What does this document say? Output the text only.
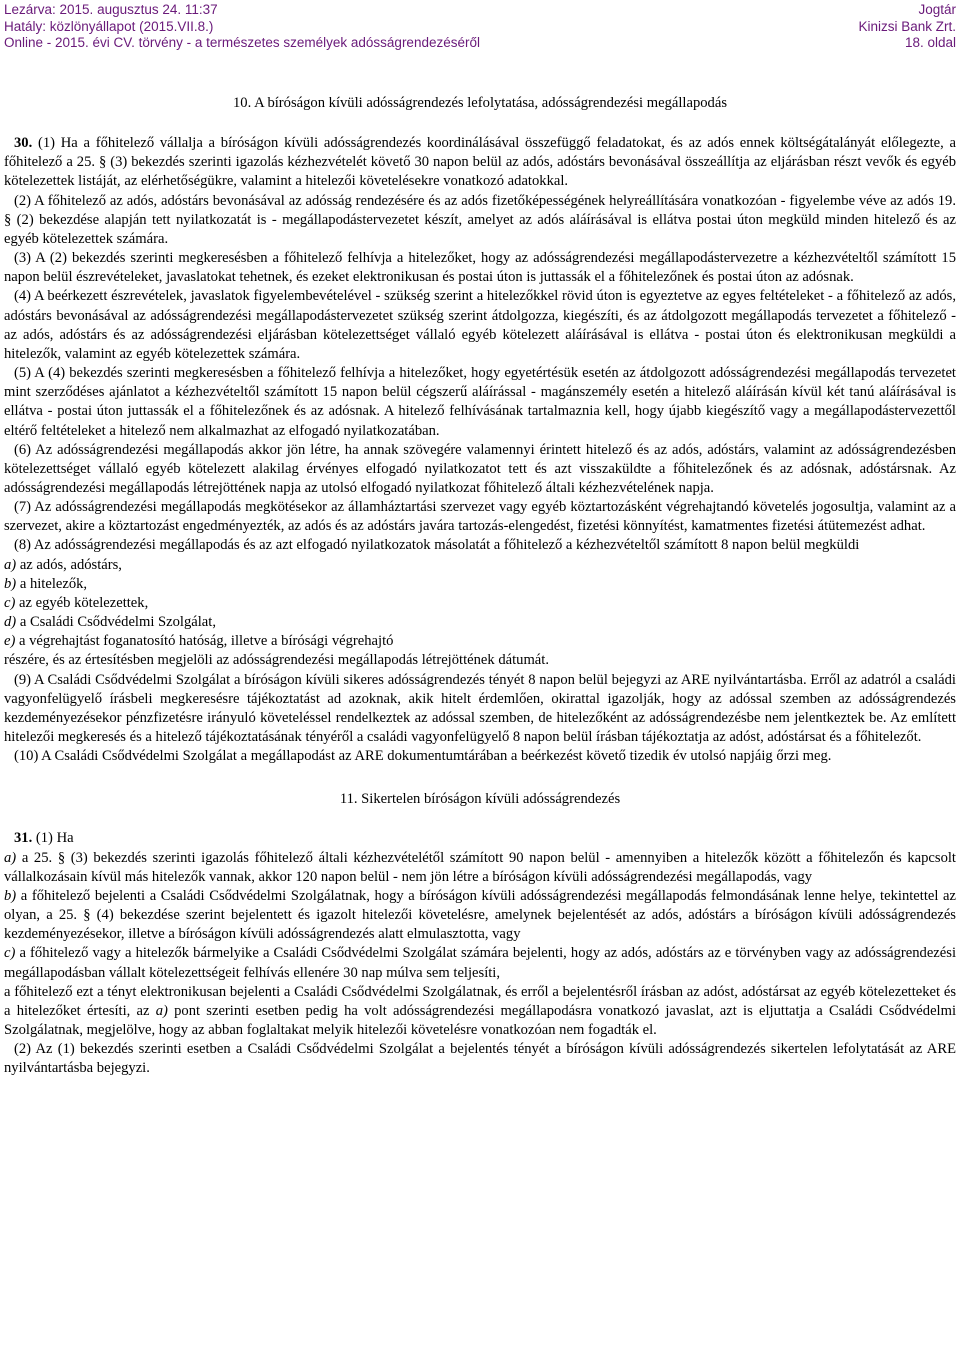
Lezárva: 2015. augusztus 24. 11:37
Hatály: közlönyállapot (2015.VII.8.)
Online - 2015. évi CV. törvény - a természetes személyek adósságrendezéséről
Jogtár
Kinizsi Bank Zrt.
18. oldal

10. A bíróságon kívüli adósságrendezés lefolytatása, adósságrendezési megállapodás

30. (1) Ha a főhitelező vállalja a bíróságon kívüli adósságrendezés koordinálásával összefüggő feladatokat, és az adós ennek költségátalányát előlegezte, a főhitelező a 25. § (3) bekezdés szerinti igazolás kézhezvételét követő 30 napon belül az adós, adóstárs bevonásával összeállítja az eljárásban részt vevők és egyéb kötelezettek listáját, az elérhetőségükre, valamint a hitelezői követelésekre vonatkozó adatokkal.

(2) A főhitelező az adós, adóstárs bevonásával az adósság rendezésére és az adós fizetőképességének helyreállítására vonatkozóan - figyelembe véve az adós 19. § (2) bekezdése alapján tett nyilatkozatát is - megállapodástervezetet készít, amelyet az adós aláírásával is ellátva postai úton megküld minden hitelező és az egyéb kötelezettek számára.

(3) A (2) bekezdés szerinti megkeresésben a főhitelező felhívja a hitelezőket, hogy az adósságrendezési megállapodástervezetre a kézhezvételtől számított 15 napon belül észrevételeket, javaslatokat tehetnek, és ezeket elektronikusan és postai úton is juttassák el a főhitelezőnek és postai úton az adósnak.

(4) A beérkezett észrevételek, javaslatok figyelembevételével - szükség szerint a hitelezőkkel rövid úton is egyeztetve az egyes feltételeket - a főhitelező az adós, adóstárs bevonásával az adósságrendezési megállapodástervezetet szükség szerint átdolgozza, kiegészíti, és az átdolgozott megállapodás tervezetet a főhitelező - az adós, adóstárs és az adósságrendezési eljárásban kötelezettséget vállaló egyéb kötelezett aláírásával is ellátva - postai úton és elektronikusan megküldi a hitelezők, valamint az egyéb kötelezettek számára.

(5) A (4) bekezdés szerinti megkeresésben a főhitelező felhívja a hitelezőket, hogy egyetértésük esetén az átdolgozott adósságrendezési megállapodás tervezetet mint szerződéses ajánlatot a kézhezvételtől számított 15 napon belül cégszerű aláírással - magánszemély esetén a hitelező aláírásán kívül két tanú aláírásával is ellátva - postai úton juttassák el a főhitelezőnek és az adósnak. A hitelező felhívásának tartalmaznia kell, hogy újabb kiegészítő vagy a megállapodástervezettől eltérő feltételeket a hitelező nem alkalmazhat az elfogadó nyilatkozatában.

(6) Az adósságrendezési megállapodás akkor jön létre, ha annak szövegére valamennyi érintett hitelező és az adós, adóstárs, valamint az adósságrendezésben kötelezettséget vállaló egyéb kötelezett alakilag érvényes elfogadó nyilatkozatot tett és azt visszaküldte a főhitelezőnek és az adósnak, adóstársnak. Az adósságrendezési megállapodás létrejöttének napja az utolsó elfogadó nyilatkozat főhitelező általi kézhezvételének napja.

(7) Az adósságrendezési megállapodás megkötésekor az államháztartási szervezet vagy egyéb köztartozásként végrehajtandó követelés jogosultja, valamint az a szervezet, akire a köztartozást engedményezték, az adós és az adóstárs javára tartozás-elengedést, fizetési könnyítést, kamatmentes fizetési átütemezést adhat.

(8) Az adósságrendezési megállapodás és az azt elfogadó nyilatkozatok másolatát a főhitelező a kézhezvételtől számított 8 napon belül megküldi

a) az adós, adóstárs,

b) a hitelezők,

c) az egyéb kötelezettek,

d) a Családi Csődvédelmi Szolgálat,

e) a végrehajtást foganatosító hatóság, illetve a bírósági végrehajtó

részére, és az értesítésben megjelöli az adósságrendezési megállapodás létrejöttének dátumát.

(9) A Családi Csődvédelmi Szolgálat a bíróságon kívüli sikeres adósságrendezés tényét 8 napon belül bejegyzi az ARE nyilvántartásba. Erről az adatról a családi vagyonfelügyelő írásbeli megkeresésre tájékoztatást ad azoknak, akik hitelt érdemlően, okirattal igazolják, hogy az adóssal szemben az adósságrendezés kezdeményezésekor pénzfizetésre irányuló követeléssel rendelkeztek az adóssal szemben, de hitelezőként az adósságrendezésbe nem jelentkeztek be. Az említett hitelezői megkeresés és a hitelező tájékoztatásának tényéről a családi vagyonfelügyelő 8 napon belül írásban tájékoztatja az adóst, adóstársat és a főhitelezőt.

(10) A Családi Csődvédelmi Szolgálat a megállapodást az ARE dokumentumtárában a beérkezést követő tizedik év utolsó napjáig őrzi meg.

11. Sikertelen bíróságon kívüli adósságrendezés

31. (1) Ha

a) a 25. § (3) bekezdés szerinti igazolás főhitelező általi kézhezvételétől számított 90 napon belül - amennyiben a hitelezők között a főhitelezőn és kapcsolt vállalkozásain kívül más hitelezők vannak, akkor 120 napon belül - nem jön létre a bíróságon kívüli adósságrendezési megállapodás, vagy

b) a főhitelező bejelenti a Családi Csődvédelmi Szolgálatnak, hogy a bíróságon kívüli adósságrendezési megállapodás felmondásának lenne helye, tekintettel az olyan, a 25. § (4) bekezdése szerint bejelentett és igazolt hitelezői követelésre, amelynek bejelentését az adós, adóstárs a bíróságon kívüli adósságrendezés kezdeményezésekor, illetve a bíróságon kívüli adósságrendezés alatt elmulasztotta, vagy

c) a főhitelező vagy a hitelezők bármelyike a Családi Csődvédelmi Szolgálat számára bejelenti, hogy az adós, adóstárs az e törvényben vagy az adósságrendezési megállapodásban vállalt kötelezettségeit felhívás ellenére 30 nap múlva sem teljesíti,

a főhitelező ezt a tényt elektronikusan bejelenti a Családi Csődvédelmi Szolgálatnak, és erről a bejelentésről írásban az adóst, adóstársat az egyéb kötelezetteket és a hitelezőket értesíti, az a) pont szerinti esetben pedig ha volt adósságrendezési megállapodásra vonatkozó javaslat, azt is eljuttatja a Családi Csődvédelmi Szolgálatnak, megjelölve, hogy az abban foglaltakat melyik hitelezői követelésre vonatkozóan nem fogadták el.

(2) Az (1) bekezdés szerinti esetben a Családi Csődvédelmi Szolgálat a bejelentés tényét a bíróságon kívüli adósságrendezés sikertelen lefolytatását az ARE nyilvántartásba bejegyzi.
